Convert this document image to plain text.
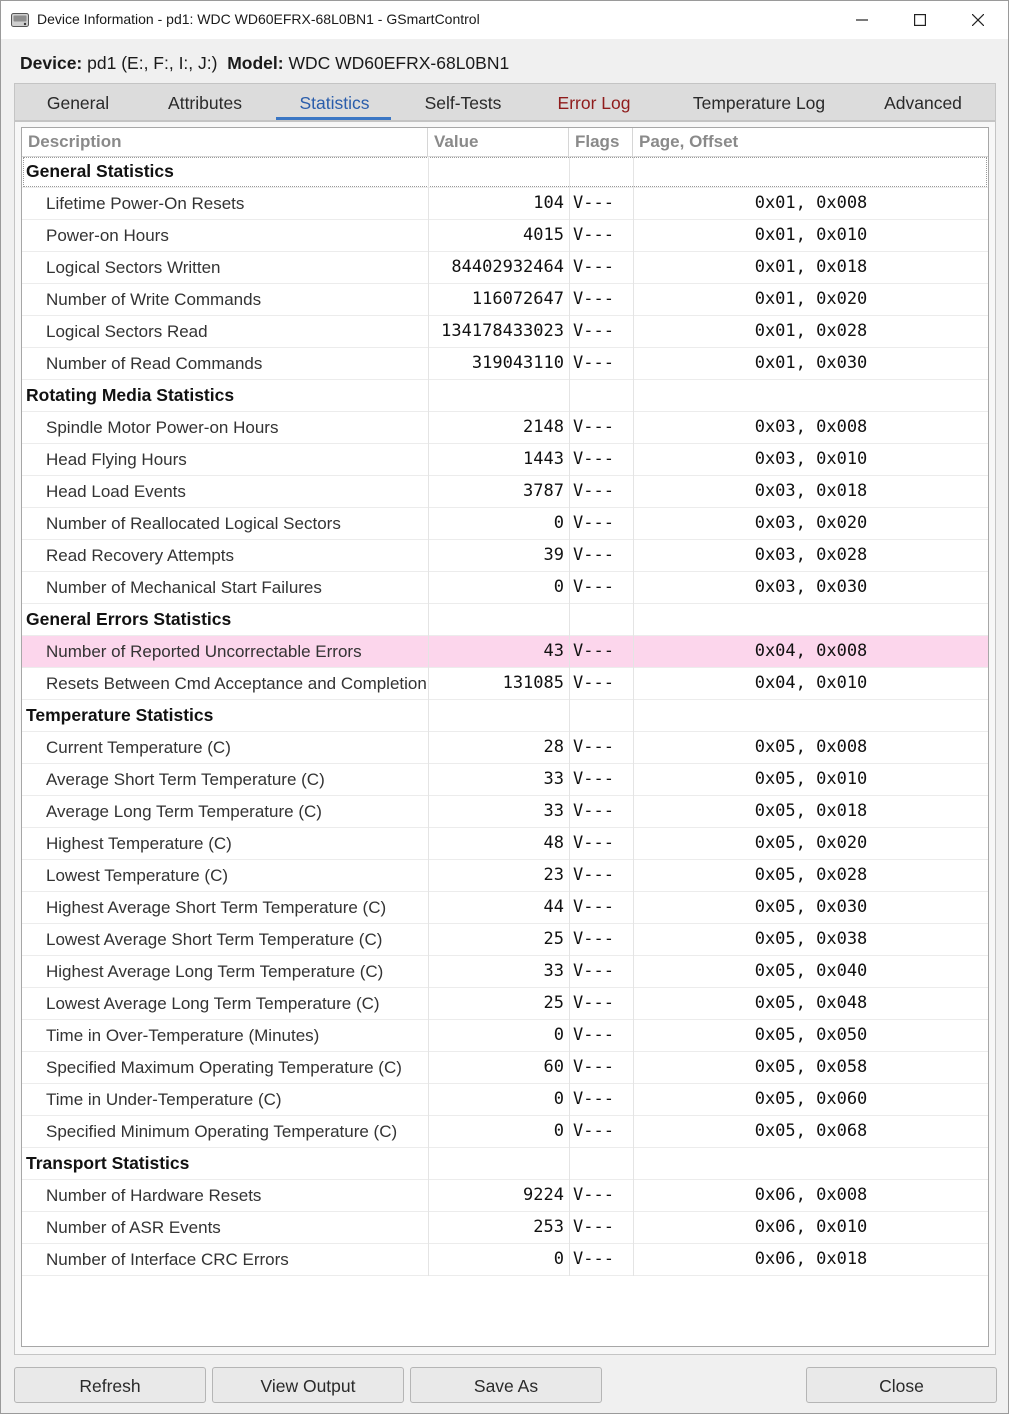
Device Information - pd1: WDC WD60EFRX-68L0BN1 - GSmartControl
Device: pd1 (E:, F:, I:, J:) Model: WDC WD60EFRX-68L0BN1
General	Attributes	Statistics	Self-Tests	Error Log	Temperature Log	Advanced
Description	Value	Flags	Page, Offset
General Statistics
Lifetime Power-On Resets	104 V---	0x01, 0x008
Power-on Hours	4015 V---	0x01, 0x010
Logical Sectors Written	84402932464 V---	0x01, 0x018
Number of Write Commands	116072647 V---	0x01, 0x020
Logical Sectors Read	134178433023 V---	0x01, 0x028
Number of Read Commands	319043110 V---	0x01, 0x030
Rotating Media Statistics
Spindle Motor Power-on Hours	2148 V---	0x03, 0x008
Head Flying Hours	1443 V---	0x03, 0x010
Head Load Events	3787 V---	0x03, 0x018
Number of Reallocated Logical Sectors	0 V---	0x03, 0x020
Read Recovery Attempts	39 V---	0x03, 0x028
Number of Mechanical Start Failures	0 V---	0x03, 0x030
General Errors Statistics
Number of Reported Uncorrectable Errors	43 V---	0x04, 0x008
Resets Between Cmd Acceptance and Completion	131085 V---	0x04, 0x010
Temperature Statistics
Current Temperature (C)	28 V---	0x05, 0x008
Average Short Term Temperature (C)	33 V---	0x05, 0x010
Average Long Term Temperature (C)	33 V---	0x05, 0x018
Highest Temperature (C)	48 V---	0x05, 0x020
Lowest Temperature (C)	23 V---	0x05, 0x028
Highest Average Short Term Temperature (C)	44 V---	0x05, 0x030
Lowest Average Short Term Temperature (C)	25 V---	0x05, 0x038
Highest Average Long Term Temperature (C)	33 V---	0x05, 0x040
Lowest Average Long Term Temperature (C)	25 V---	0x05, 0x048
Time in Over-Temperature (Minutes)	0 V---	0x05, 0x050
Specified Maximum Operating Temperature (C)	60 V---	0x05, 0x058
Time in Under-Temperature (C)	0 V---	0x05, 0x060
Specified Minimum Operating Temperature (C)	0 V---	0x05, 0x068
Transport Statistics
Number of Hardware Resets	9224 V---	0x06, 0x008
Number of ASR Events	253 V---	0x06, 0x010
Number of Interface CRC Errors	0 V---	0x06, 0x018
Refresh	View Output	Save As	Close
